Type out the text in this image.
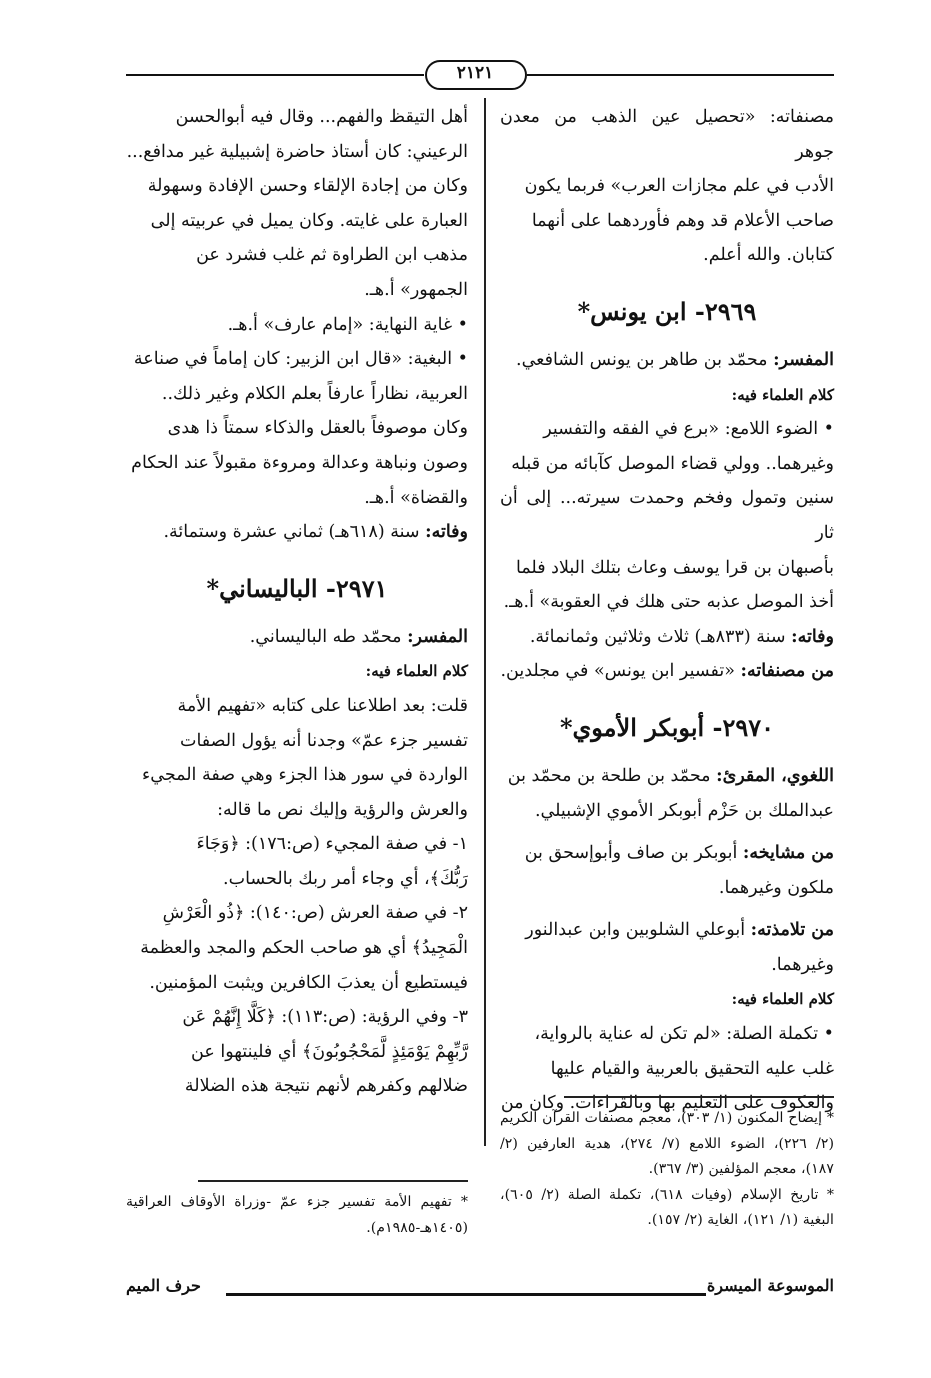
٢١٢١

مصنفاته: «تحصيل عين الذهب من معدن جوهر

الأدب في علم مجازات العرب» فربما يكون

صاحب الأعلام قد وهم فأوردهما على أنهما

كتابان. والله أعلم.

٢٩٦٩- ابن يونس*

المفسر: محمّد بن طاهر بن يونس الشافعي.

كلام العلماء فيه:

• الضوء اللامع: «برع في الفقه والتفسير

وغيرهما.. وولي قضاء الموصل كآبائه من قبله

سنين وتمول وفخم وحمدت سيرته... إلى أن ثار

بأصبهان بن قرا يوسف وعاث بتلك البلاد فلما

أخذ الموصل عذبه حتى هلك في العقوبة» أ.هـ.

وفاته: سنة (٨٣٣هـ) ثلاث وثلاثين وثمانمائة.

من مصنفاته: «تفسير ابن يونس» في مجلدين.

٢٩٧٠- أبوبكر الأموي*

اللغوي، المقرئ: محمّد بن طلحة بن محمّد بن

عبدالملك بن حَزْم أبوبكر الأموي الإشبيلي.

من مشايخه: أبوبكر بن صاف وأبوإسحق بن

ملكون وغيرهما.

من تلامذته: أبوعلي الشلوبين وابن عبدالنور

وغيرهما.

كلام العلماء فيه:

• تكملة الصلة: «لم تكن له عناية بالرواية،

غلب عليه التحقيق بالعربية والقيام عليها

والعكوف على التعليم بها وبالقراءات. وكان من

* إيضاح المكنون (١/ ٣٠٣)، معجم مصنفات القرآن الكريم (٢/ ٢٢٦)، الضوء اللامع (٧/ ٢٧٤)، هدية العارفين (٢/ ١٨٧)، معجم المؤلفين (٣/ ٣٦٧).

* تاريخ الإسلام (وفيات ٦١٨)، تكملة الصلة (٢/ ٦٠٥)، البغية (١/ ١٢١)، الغاية (٢/ ١٥٧).

أهل التيقظ والفهم... وقال فيه أبوالحسن

الرعيني: كان أستاذ حاضرة إشبيلية غير مدافع...

وكان من إجادة الإلقاء وحسن الإفادة وسهولة

العبارة على غايته. وكان يميل في عربيته إلى

مذهب ابن الطراوة ثم غلب فشرد عن

الجمهور» أ.هـ.

• غاية النهاية: «إمام عارف» أ.هـ.

• البغية: «قال ابن الزبير: كان إماماً في صناعة

العربية، نظاراً عارفاً بعلم الكلام وغير ذلك..

وكان موصوفاً بالعقل والذكاء سمتاً ذا هدى

وصون ونباهة وعدالة ومروءة مقبولاً عند الحكام

والقضاة» أ.هـ.

وفاته: سنة (٦١٨هـ) ثماني عشرة وستمائة.

٢٩٧١- الباليساني*

المفسر: محمّد طه الباليساني.

كلام العلماء فيه:

قلت: بعد اطلاعنا على كتابه «تفهيم الأمة

تفسير جزء عمّ» وجدنا أنه يؤول الصفات

الواردة في سور هذا الجزء وهي صفة المجيء

والعرش والرؤية وإليك نص ما قاله:

١- في صفة المجيء (ص:١٧٦): ﴿وَجَاءَ

رَبُّكَ﴾، أي وجاء أمر ربك بالحساب.

٢- في صفة العرش (ص:١٤٠): ﴿ذُو الْعَرْشِ

الْمَجِيدُ﴾ أي هو صاحب الحكم والمجد والعظمة

فيستطيع أن يعذبَ الكافرين ويثبت المؤمنين.

٣- وفي الرؤية: (ص:١١٣): ﴿كَلَّا إِنَّهُمْ عَن

رَّبِّهِمْ يَوْمَئِذٍ لَّمَحْجُوبُونَ﴾ أي فلينتهوا عن

ضلالهم وكفرهم لأنهم نتيجة هذه الضلالة

* تفهيم الأمة تفسير جزء عمّ -وزراة الأوقاف العراقية (١٤٠٥هـ-١٩٨٥م).

الموسوعة الميسرة
حرف الميم
